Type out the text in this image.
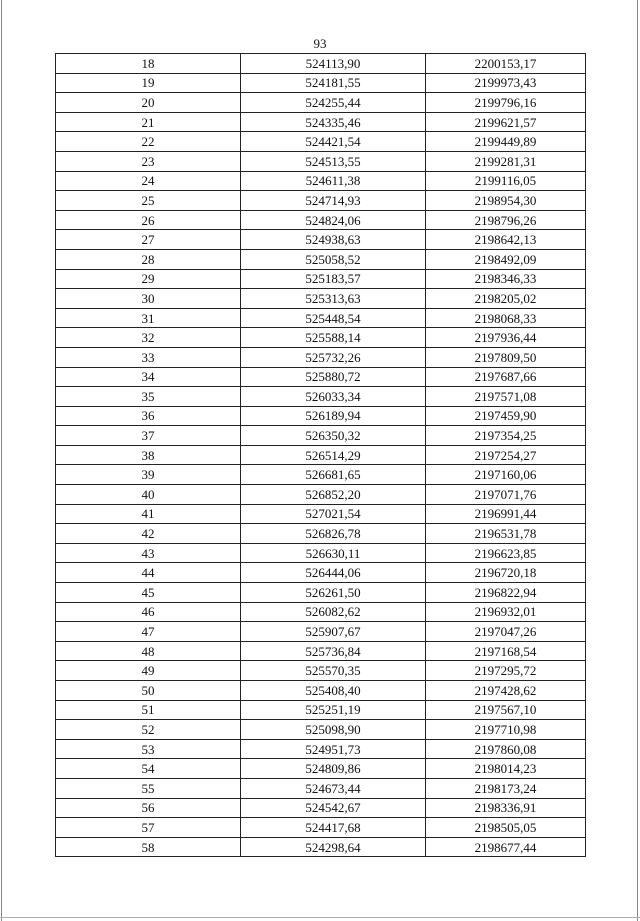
93
18	524113,90	2200153,17
19	524181,55	2199973,43
20	524255,44	2199796,16
21	524335,46	2199621,57
22	524421,54	2199449,89
23	524513,55	2199281,31
24	524611,38	2199116,05
25	524714,93	2198954,30
26	524824,06	2198796,26
27	524938,63	2198642,13
28	525058,52	2198492,09
29	525183,57	2198346,33
30	525313,63	2198205,02
31	525448,54	2198068,33
32	525588,14	2197936,44
33	525732,26	2197809,50
34	525880,72	2197687,66
35	526033,34	2197571,08
36	526189,94	2197459,90
37	526350,32	2197354,25
38	526514,29	2197254,27
39	526681,65	2197160,06
40	526852,20	2197071,76
41	527021,54	2196991,44
42	526826,78	2196531,78
43	526630,11	2196623,85
44	526444,06	2196720,18
45	526261,50	2196822,94
46	526082,62	2196932,01
47	525907,67	2197047,26
48	525736,84	2197168,54
49	525570,35	2197295,72
50	525408,40	2197428,62
51	525251,19	2197567,10
52	525098,90	2197710,98
53	524951,73	2197860,08
54	524809,86	2198014,23
55	524673,44	2198173,24
56	524542,67	2198336,91
57	524417,68	2198505,05
58	524298,64	2198677,44
